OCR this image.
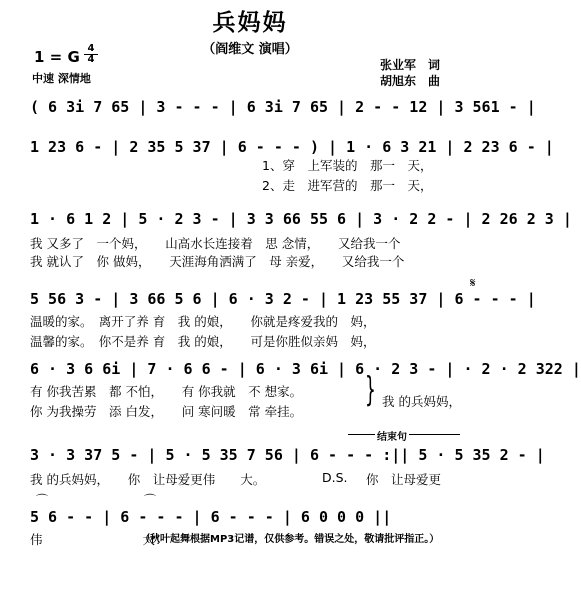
兵妈妈
（阎维文 演唱）
1 = G 4
4
中速 深情地
张业军　词
胡旭东　曲
( 6 3i 7 65 | 3 - - - | 6 3i 7 65 | 2 - - 12 | 3 561 - |
1 23 6 - | 2 35 5 37 | 6 - - - ) | 1 · 6 3 21 | 2 23 6 - |
1、穿　上军装的　那一　天，
2、走　进军营的　那一　天，
1 · 6 1 2 | 5 · 2 3 - | 3 3 66 55 6 | 3 · 2 2 - | 2 26 2 3 |
我 又多了　一个妈，　　山高水长连接着　思 念情，　　又给我一个
我 就认了　你 做妈，　　天涯海角洒满了　母 亲爱，　　又给我一个
5 56 3 - | 3 66 5 6 | 6 · 3 2 - | 1 23 55 37 | 6 - - - |
𝄋
温暖的家。　离开了养 育　我 的娘，　　你就是疼爱我的　妈，
温馨的家。　你不是养 育　我 的娘，　　可是你胜似亲妈　妈，
6 · 3 6 6i | 7 · 6 6 - | 6 · 3 6i | 6 · 2 3 - | · 2 · 2 322 |
有 你我苦累　都 不怕，　　有 你我就　不 想家。
你 为我操劳　添 白发，　　问 寒问暖　常 牵挂。
} 我 的兵妈妈，
结束句
3 · 3 37 5 - | 5 · 5 35 7 56 | 6 - - - :|| 5 · 5 35 2 - |
我 的兵妈妈，　　你　让母爱更伟　　大。	D.S. 你　让母爱更
⌒	⌒
5 6 - - | 6 - - - | 6 - - - | 6 0 0 0 ||
伟　　　　　　　　大！
（秋叶起舞根据MP3记谱，仅供参考。错误之处，敬请批评指正。）
